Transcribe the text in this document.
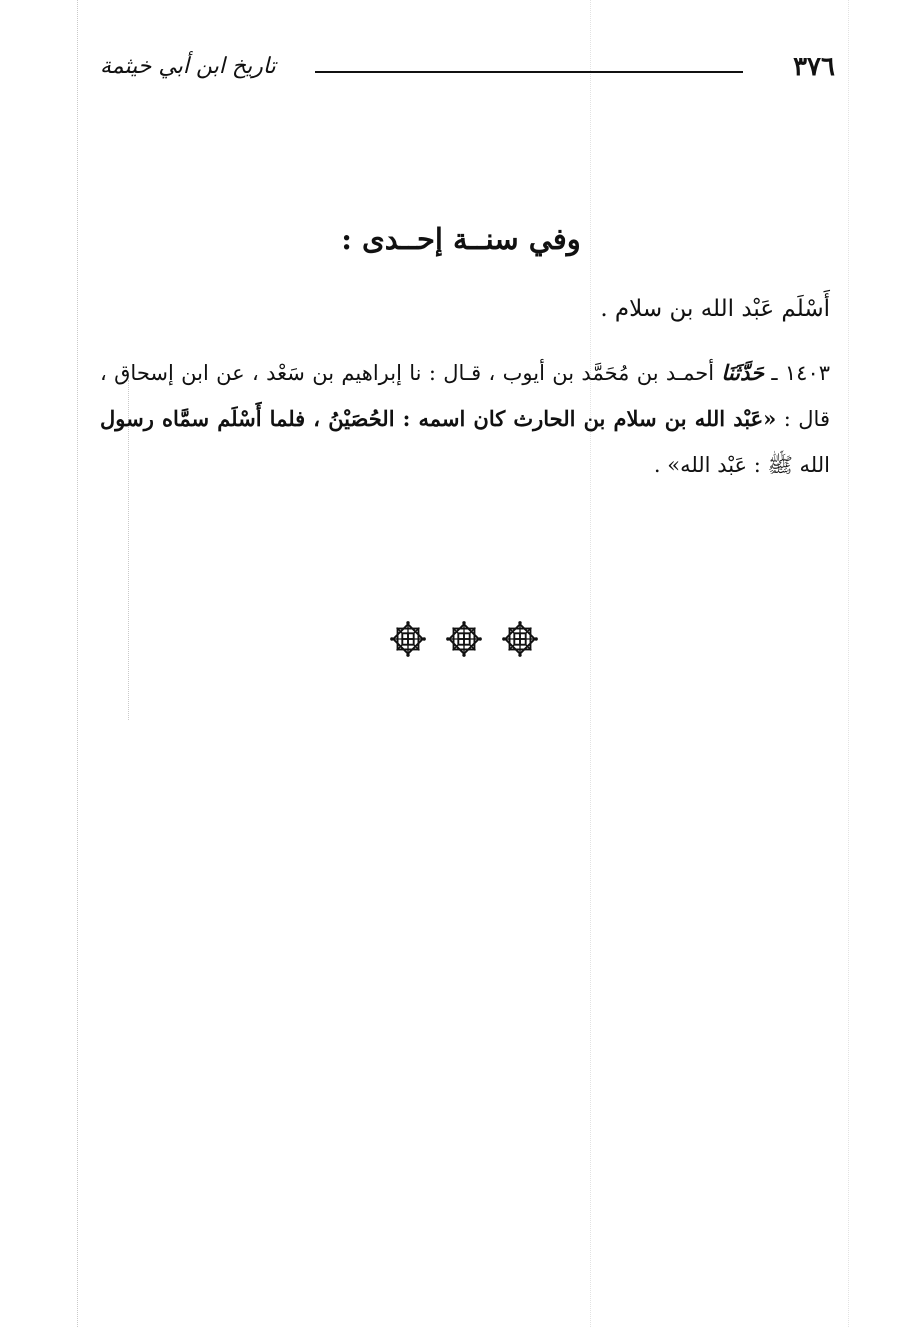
٣٧٦
تاريخ ابن أبي خيثمة
وفي سنــة إحــدى :
أَسْلَم عَبْد الله بن سلام .
١٤٠٣ ـ حَدَّثَنَا أحمـد بن مُحَمَّد بن أيوب ، قـال : نا إبراهيم بن سَعْد ، عن ابن إسحاق ، قال : «عَبْد الله بن سلام بن الحارث كان اسمه : الحُصَيْنُ ، فلما أَسْلَم سمَّاه رسول الله ﷺ : عَبْد الله» .
